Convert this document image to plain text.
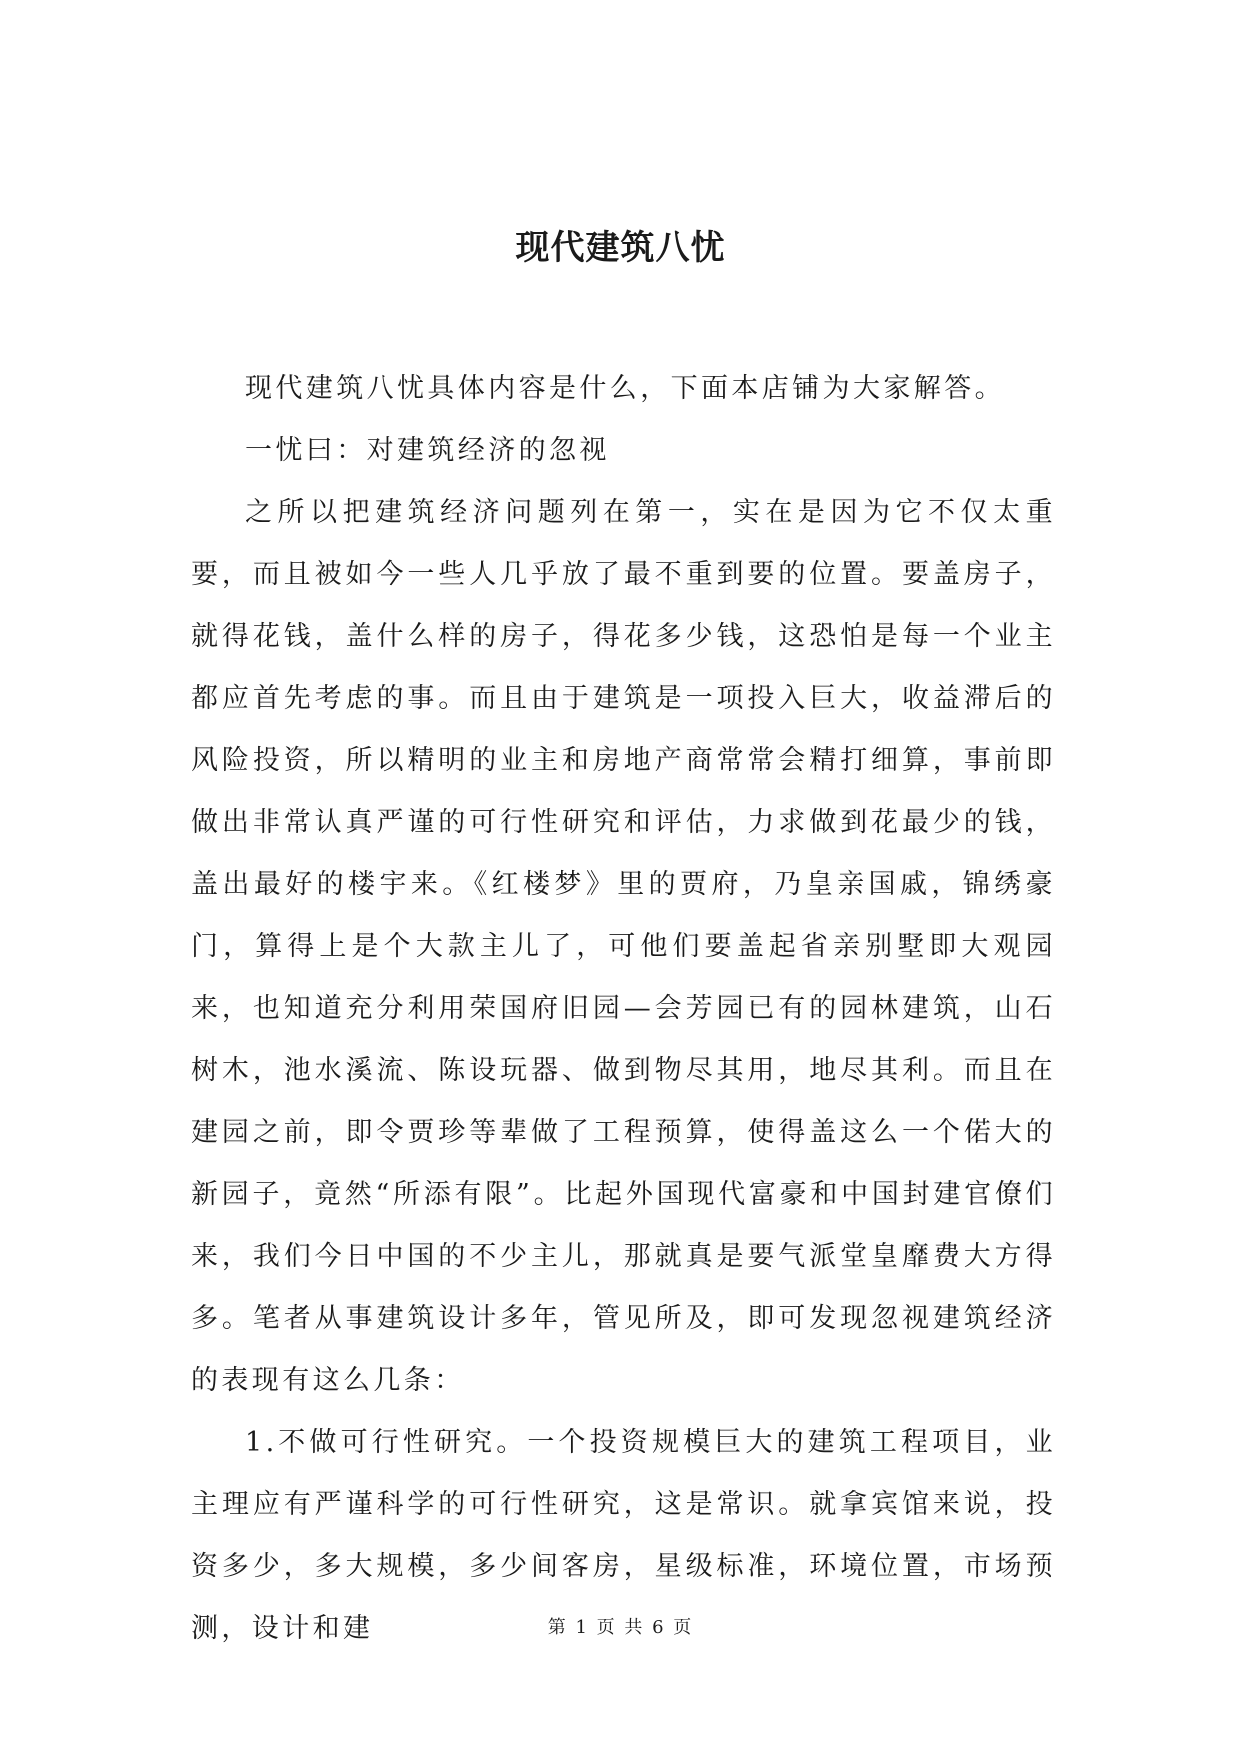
现代建筑八忧

现代建筑八忧具体内容是什么，下面本店铺为大家解答。

一忧曰：对建筑经济的忽视

之所以把建筑经济问题列在第一，实在是因为它不仅太重要，而且被如今一些人几乎放了最不重到要的位置。要盖房子，就得花钱，盖什么样的房子，得花多少钱，这恐怕是每一个业主都应首先考虑的事。而且由于建筑是一项投入巨大，收益滞后的风险投资，所以精明的业主和房地产商常常会精打细算，事前即做出非常认真严谨的可行性研究和评估，力求做到花最少的钱，盖出最好的楼宇来。《红楼梦》里的贾府，乃皇亲国戚，锦绣豪门，算得上是个大款主儿了，可他们要盖起省亲别墅即大观园来，也知道充分利用荣国府旧园—会芳园已有的园林建筑，山石树木，池水溪流、陈设玩器、做到物尽其用，地尽其利。而且在建园之前，即令贾珍等辈做了工程预算，使得盖这么一个偌大的新园子，竟然“所添有限”。比起外国现代富豪和中国封建官僚们来，我们今日中国的不少主儿，那就真是要气派堂皇靡费大方得多。笔者从事建筑设计多年，管见所及，即可发现忽视建筑经济的表现有这么几条：

1.不做可行性研究。一个投资规模巨大的建筑工程项目，业主理应有严谨科学的可行性研究，这是常识。就拿宾馆来说，投资多少，多大规模，多少间客房，星级标准，环境位置，市场预测，设计和建	第 1 页 共 6 页
